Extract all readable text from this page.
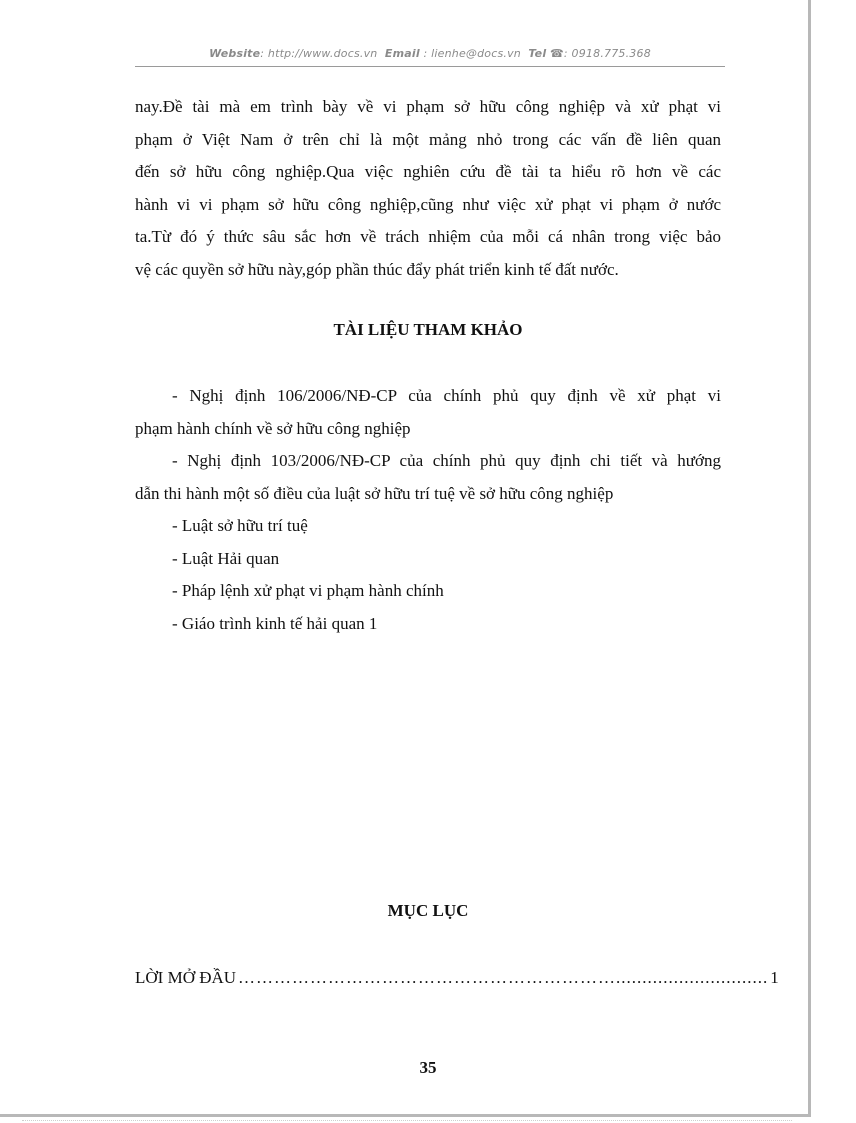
Website: http://www.docs.vn Email : lienhe@docs.vn Tel ☎: 0918.775.368
nay.Đề tài mà em trình bày về vi phạm sở hữu công nghiệp và xử phạt vi
phạm ở Việt Nam ở trên chỉ là một mảng nhỏ trong các vấn đề liên quan
đến sở hữu công nghiệp.Qua việc nghiên cứu đề tài ta hiểu rõ hơn về các
hành vi vi phạm sở hữu công nghiệp,cũng như việc xử phạt vi phạm ở nước
ta.Từ đó ý thức sâu sắc hơn về trách nhiệm của mỗi cá nhân trong việc bảo
vệ các quyền sở hữu này,góp phần thúc đẩy phát triển kinh tế đất nước.
TÀI LIỆU THAM KHẢO
- Nghị định 106/2006/NĐ-CP của chính phủ quy định về xử phạt vi
phạm hành chính về sở hữu công nghiệp
- Nghị định 103/2006/NĐ-CP của chính phủ quy định chi tiết và hướng
dẫn thi hành một số điều của luật sở hữu trí tuệ về sở hữu công nghiệp
- Luật sở hữu trí tuệ
- Luật Hải quan
- Pháp lệnh xử phạt vi phạm hành chính
- Giáo trình kinh tế hải quan 1
MỤC LỤC
LỜI MỞ ĐẦU ………………………………………………………............................. 1
35
